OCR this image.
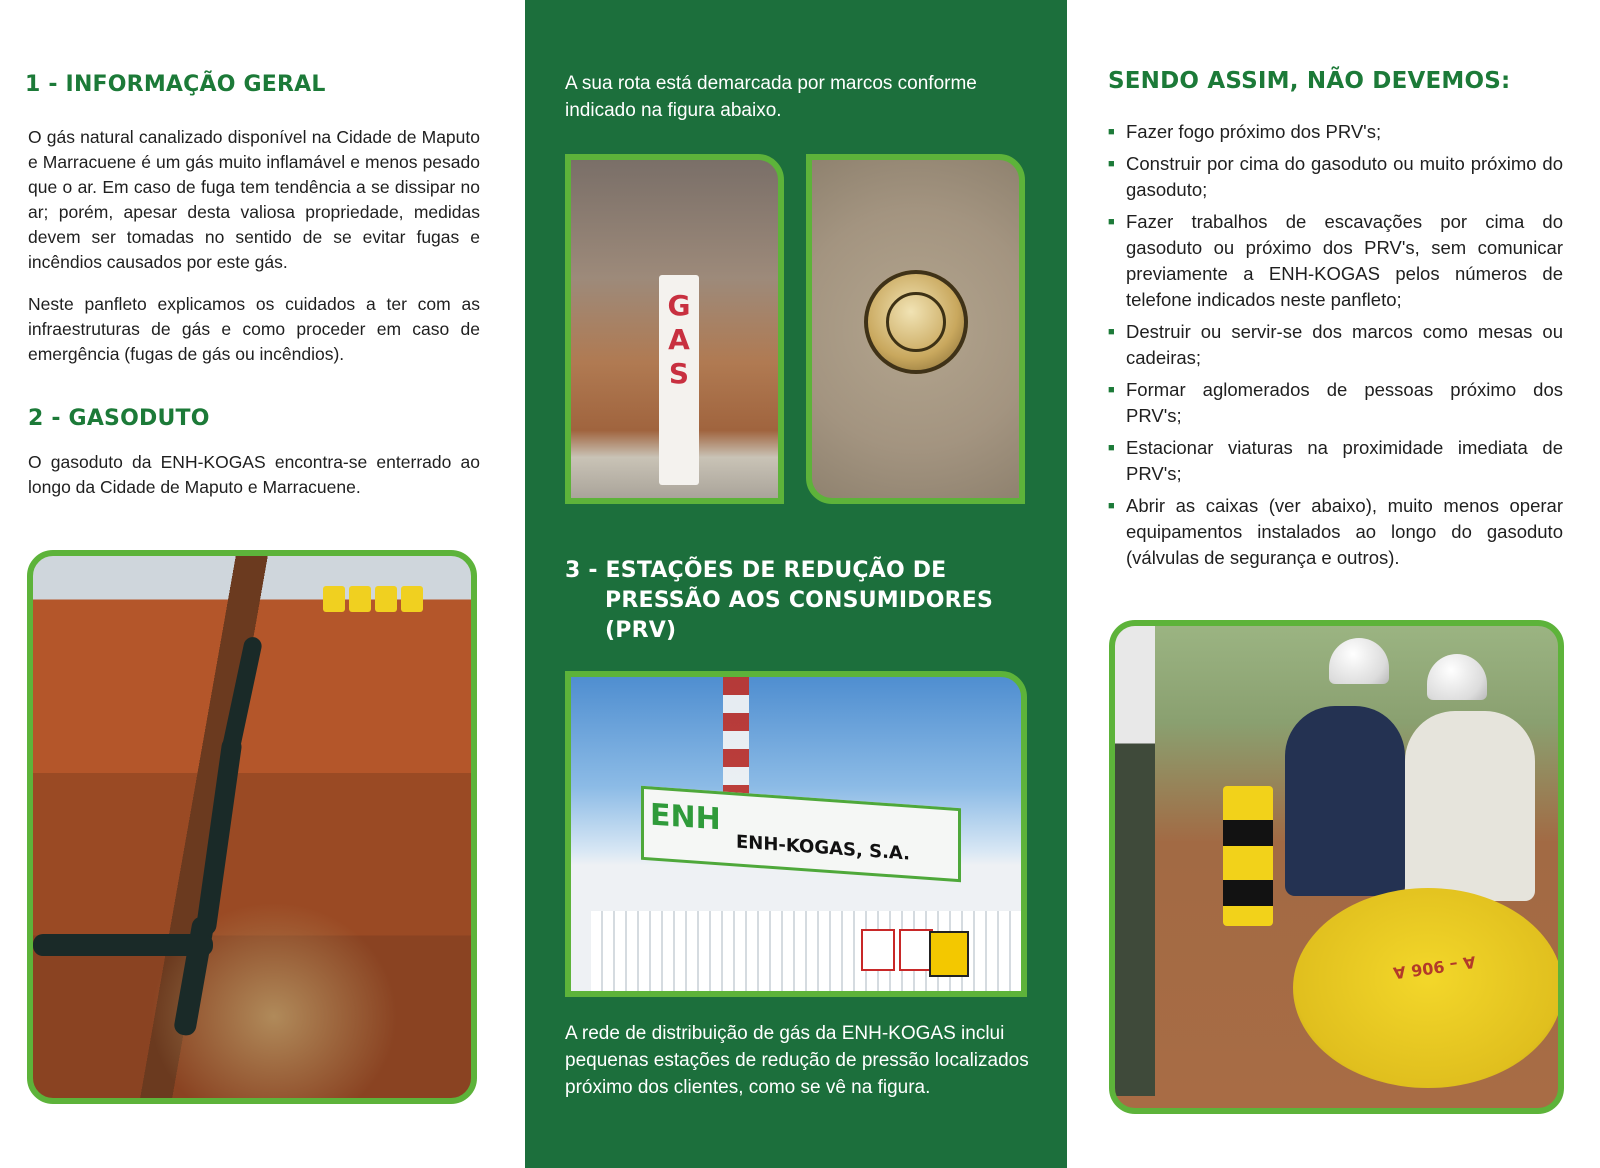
1 - INFORMAÇÃO GERAL

O gás natural canalizado disponível na Cidade de Maputo e Marracuene é um gás muito inflamável e menos pesado que o ar. Em caso de fuga tem tendência a se dissipar no ar; porém, apesar desta valiosa propriedade, medidas devem ser tomadas no sentido de se evitar fugas e incêndios causados por este gás.

Neste panfleto explicamos os cuidados a ter com as infraestruturas de gás e como proceder em caso de emergência (fugas de gás ou incêndios).

2 - GASODUTO

O gasoduto da ENH-KOGAS encontra-se enterrado ao longo da Cidade de Maputo e Marracuene.

A sua rota está demarcada por marcos conforme indicado na figura abaixo.

G
A
S
3 - ESTAÇÕES DE REDUÇÃO DE
PRESSÃO AOS CONSUMIDORES
(PRV)
ENH
ENH-KOGAS, S.A.

A rede de distribuição de gás da ENH-KOGAS inclui pequenas estações de redução de pressão localizados próximo dos clientes, como se vê na figura.

SENDO ASSIM, NÃO DEVEMOS:
■ Fazer fogo próximo dos PRV's;
■ Construir por cima do gasoduto ou muito próximo do gasoduto;
■ Fazer trabalhos de escavações por cima do gasoduto ou próximo dos PRV's, sem comunicar previamente a ENH-KOGAS pelos números de telefone indicados neste panfleto;
■ Destruir ou servir-se dos marcos como mesas ou cadeiras;
■ Formar aglomerados de pessoas próximo dos PRV's;
■ Estacionar viaturas na proximidade imediata de PRV's;
■ Abrir as caixas (ver abaixo), muito menos operar equipamentos instalados ao longo do gasoduto (válvulas de segurança e outros).
A – 906 A
